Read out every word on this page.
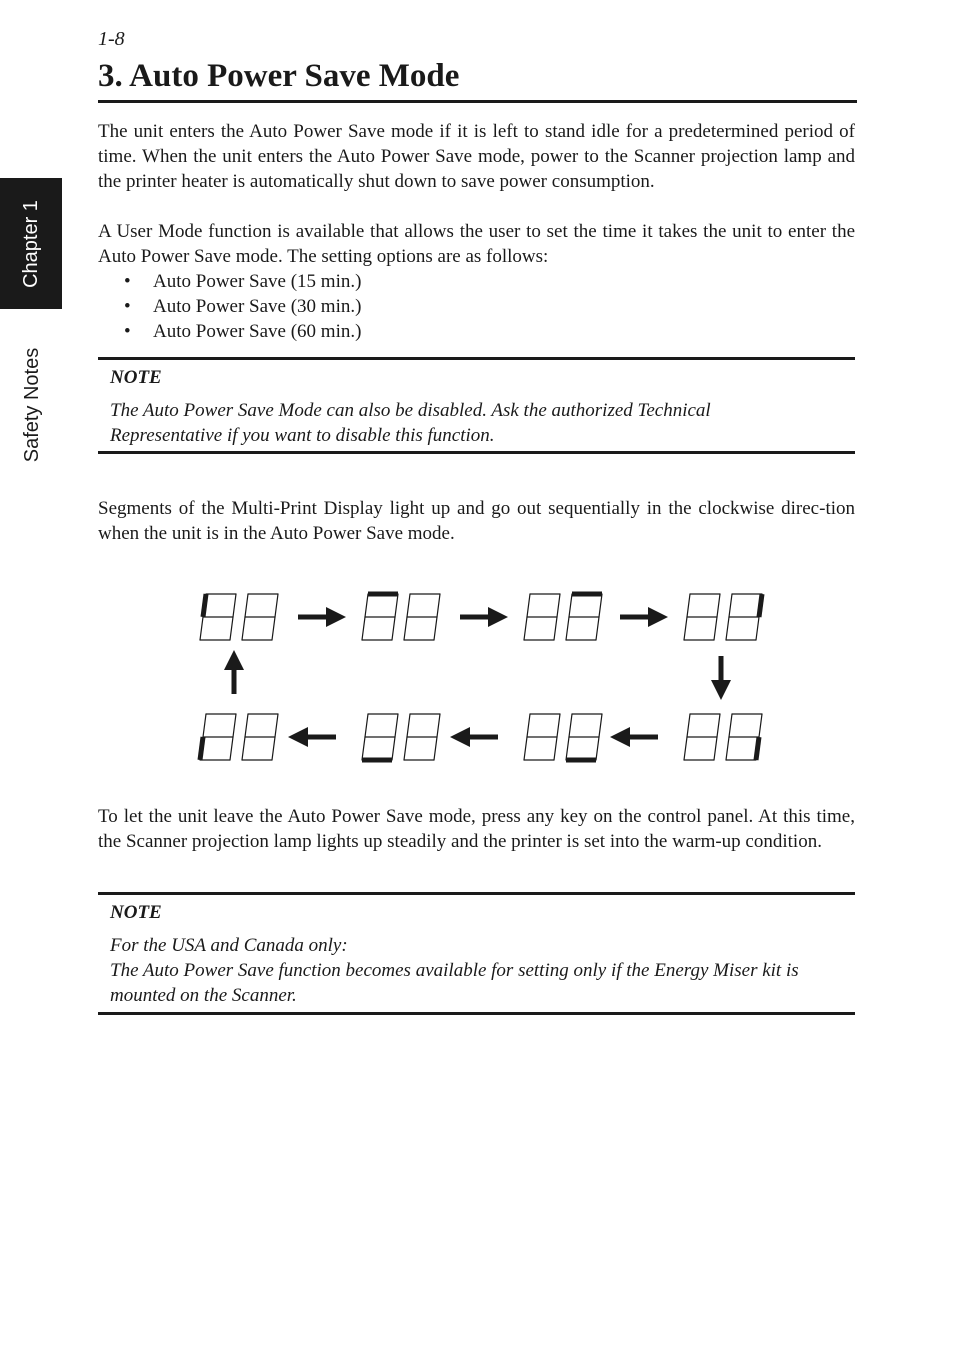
Chapter 1
Safety Notes
1-8
3. Auto Power Save Mode

The unit enters the Auto Power Save mode if it is left to stand idle for a predetermined period of time. When the unit enters the Auto Power Save mode, power to the Scanner projection lamp and the printer heater is automatically shut down to save power consumption.

A User Mode function is available that allows the user to set the time it takes the unit to enter the Auto Power Save mode. The setting options are as follows:

• Auto Power Save (15 min.)
• Auto Power Save (30 min.)
• Auto Power Save (60 min.)
NOTE

The Auto Power Save Mode can also be disabled. Ask the authorized Technical

Representative if you want to disable this function.

Segments of the Multi-Print Display light up and go out sequentially in the clockwise direc-tion when the unit is in the Auto Power Save mode.

To let the unit leave the Auto Power Save mode, press any key on the control panel. At this time, the Scanner projection lamp lights up steadily and the printer is set into the warm-up condition.

NOTE

For the USA and Canada only:

The Auto Power Save function becomes available for setting only if the Energy Miser kit is

mounted on the Scanner.
